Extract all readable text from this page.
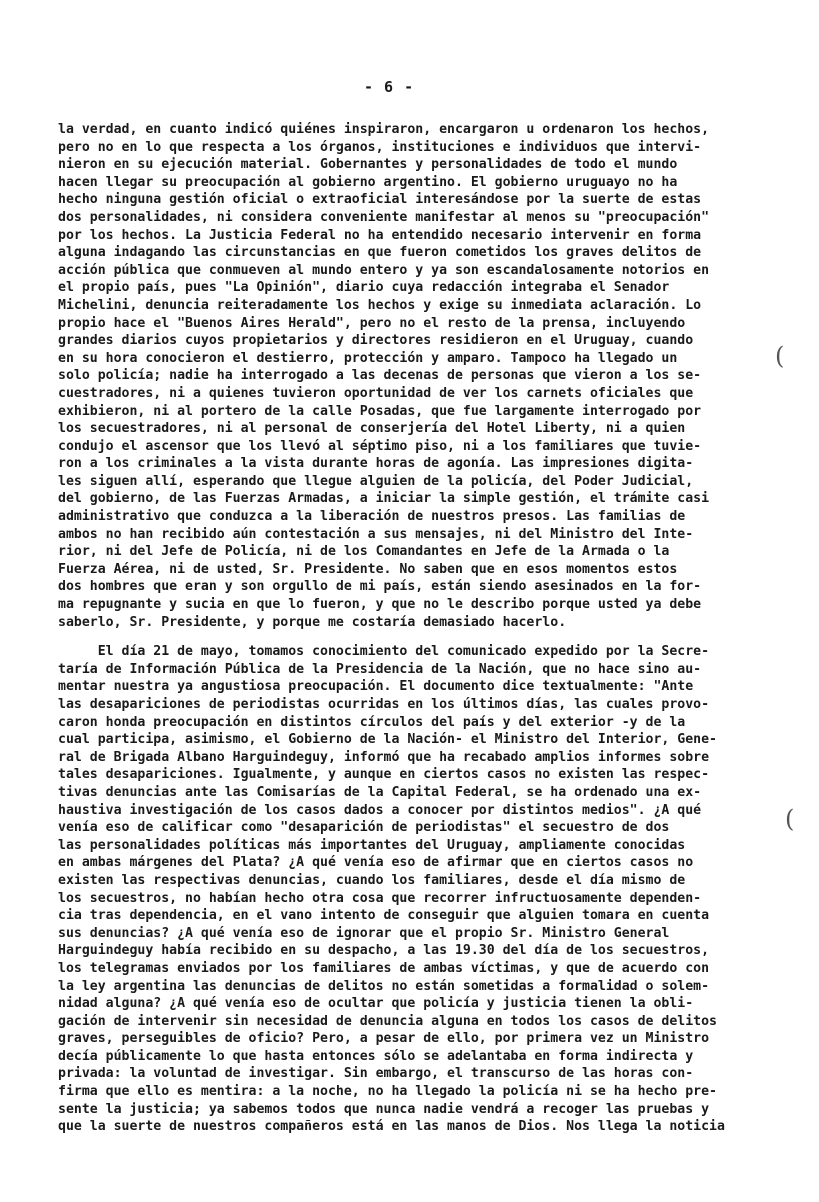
- 6 -
la verdad, en cuanto indicó quiénes inspiraron, encargaron u ordenaron los hechos,
pero no en lo que respecta a los órganos, instituciones e individuos que intervi-
nieron en su ejecución material. Gobernantes y personalidades de todo el mundo
hacen llegar su preocupación al gobierno argentino. El gobierno uruguayo no ha
hecho ninguna gestión oficial o extraoficial interesándose por la suerte de estas
dos personalidades, ni considera conveniente manifestar al menos su "preocupación"
por los hechos. La Justicia Federal no ha entendido necesario intervenir en forma
alguna indagando las circunstancias en que fueron cometidos los graves delitos de
acción pública que conmueven al mundo entero y ya son escandalosamente notorios en
el propio país, pues "La Opinión", diario cuya redacción integraba el Senador
Michelini, denuncia reiteradamente los hechos y exige su inmediata aclaración. Lo
propio hace el "Buenos Aires Herald", pero no el resto de la prensa, incluyendo
grandes diarios cuyos propietarios y directores residieron en el Uruguay, cuando
en su hora conocieron el destierro, protección y amparo. Tampoco ha llegado un
solo policía; nadie ha interrogado a las decenas de personas que vieron a los se-
cuestradores, ni a quienes tuvieron oportunidad de ver los carnets oficiales que
exhibieron, ni al portero de la calle Posadas, que fue largamente interrogado por
los secuestradores, ni al personal de conserjería del Hotel Liberty, ni a quien
condujo el ascensor que los llevó al séptimo piso, ni a los familiares que tuvie-
ron a los criminales a la vista durante horas de agonía. Las impresiones digita-
les siguen allí, esperando que llegue alguien de la policía, del Poder Judicial,
del gobierno, de las Fuerzas Armadas, a iniciar la simple gestión, el trámite casi
administrativo que conduzca a la liberación de nuestros presos. Las familias de
ambos no han recibido aún contestación a sus mensajes, ni del Ministro del Inte-
rior, ni del Jefe de Policía, ni de los Comandantes en Jefe de la Armada o la
Fuerza Aérea, ni de usted, Sr. Presidente. No saben que en esos momentos estos
dos hombres que eran y son orgullo de mi país, están siendo asesinados en la for-
ma repugnante y sucia en que lo fueron, y que no le describo porque usted ya debe
saberlo, Sr. Presidente, y porque me costaría demasiado hacerlo.
El día 21 de mayo, tomamos conocimiento del comunicado expedido por la Secre-
taría de Información Pública de la Presidencia de la Nación, que no hace sino au-
mentar nuestra ya angustiosa preocupación. El documento dice textualmente: "Ante
las desapariciones de periodistas ocurridas en los últimos días, las cuales provo-
caron honda preocupación en distintos círculos del país y del exterior -y de la
cual participa, asimismo, el Gobierno de la Nación- el Ministro del Interior, Gene-
ral de Brigada Albano Harguindeguy, informó que ha recabado amplios informes sobre
tales desapariciones. Igualmente, y aunque en ciertos casos no existen las respec-
tivas denuncias ante las Comisarías de la Capital Federal, se ha ordenado una ex-
haustiva investigación de los casos dados a conocer por distintos medios". ¿A qué
venía eso de calificar como "desaparición de periodistas" el secuestro de dos
las personalidades políticas más importantes del Uruguay, ampliamente conocidas
en ambas márgenes del Plata? ¿A qué venía eso de afirmar que en ciertos casos no
existen las respectivas denuncias, cuando los familiares, desde el día mismo de
los secuestros, no habían hecho otra cosa que recorrer infructuosamente dependen-
cia tras dependencia, en el vano intento de conseguir que alguien tomara en cuenta
sus denuncias? ¿A qué venía eso de ignorar que el propio Sr. Ministro General
Harguindeguy había recibido en su despacho, a las 19.30 del día de los secuestros,
los telegramas enviados por los familiares de ambas víctimas, y que de acuerdo con
la ley argentina las denuncias de delitos no están sometidas a formalidad o solem-
nidad alguna? ¿A qué venía eso de ocultar que policía y justicia tienen la obli-
gación de intervenir sin necesidad de denuncia alguna en todos los casos de delitos
graves, perseguibles de oficio? Pero, a pesar de ello, por primera vez un Ministro
decía públicamente lo que hasta entonces sólo se adelantaba en forma indirecta y
privada: la voluntad de investigar. Sin embargo, el transcurso de las horas con-
firma que ello es mentira: a la noche, no ha llegado la policía ni se ha hecho pre-
sente la justicia; ya sabemos todos que nunca nadie vendrá a recoger las pruebas y
que la suerte de nuestros compañeros está en las manos de Dios. Nos llega la noticia
(
(
